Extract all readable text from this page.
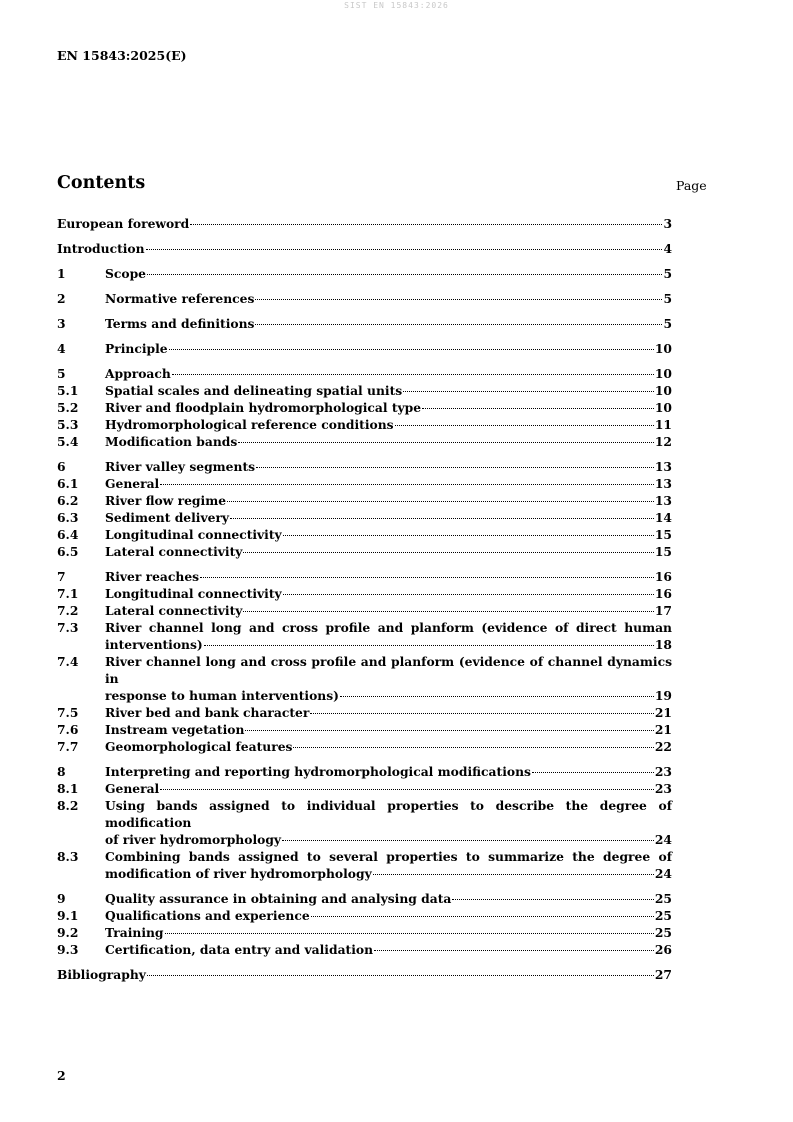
SIST EN 15843:2026
EN 15843:2025(E)
Contents	Page
European foreword	3
Introduction	4
1	Scope	5
2	Normative references	5
3	Terms and definitions	5
4	Principle	10
5	Approach	10
5.1	Spatial scales and delineating spatial units	10
5.2	River and floodplain hydromorphological type	10
5.3	Hydromorphological reference conditions	11
5.4	Modification bands	12
6	River valley segments	13
6.1	General	13
6.2	River flow regime	13
6.3	Sediment delivery	14
6.4	Longitudinal connectivity	15
6.5	Lateral connectivity	15
7	River reaches	16
7.1	Longitudinal connectivity	16
7.2	Lateral connectivity	17
7.3	River channel long and cross profile and planform (evidence of direct human
interventions)	18
7.4	River channel long and cross profile and planform (evidence of channel dynamics in
response to human interventions)	19
7.5	River bed and bank character	21
7.6	Instream vegetation	21
7.7	Geomorphological features	22
8	Interpreting and reporting hydromorphological modifications	23
8.1	General	23
8.2	Using bands assigned to individual properties to describe the degree of modification
of river hydromorphology	24
8.3	Combining bands assigned to several properties to summarize the degree of
modification of river hydromorphology	24
9	Quality assurance in obtaining and analysing data	25
9.1	Qualifications and experience	25
9.2	Training	25
9.3	Certification, data entry and validation	26
Bibliography	27
2
